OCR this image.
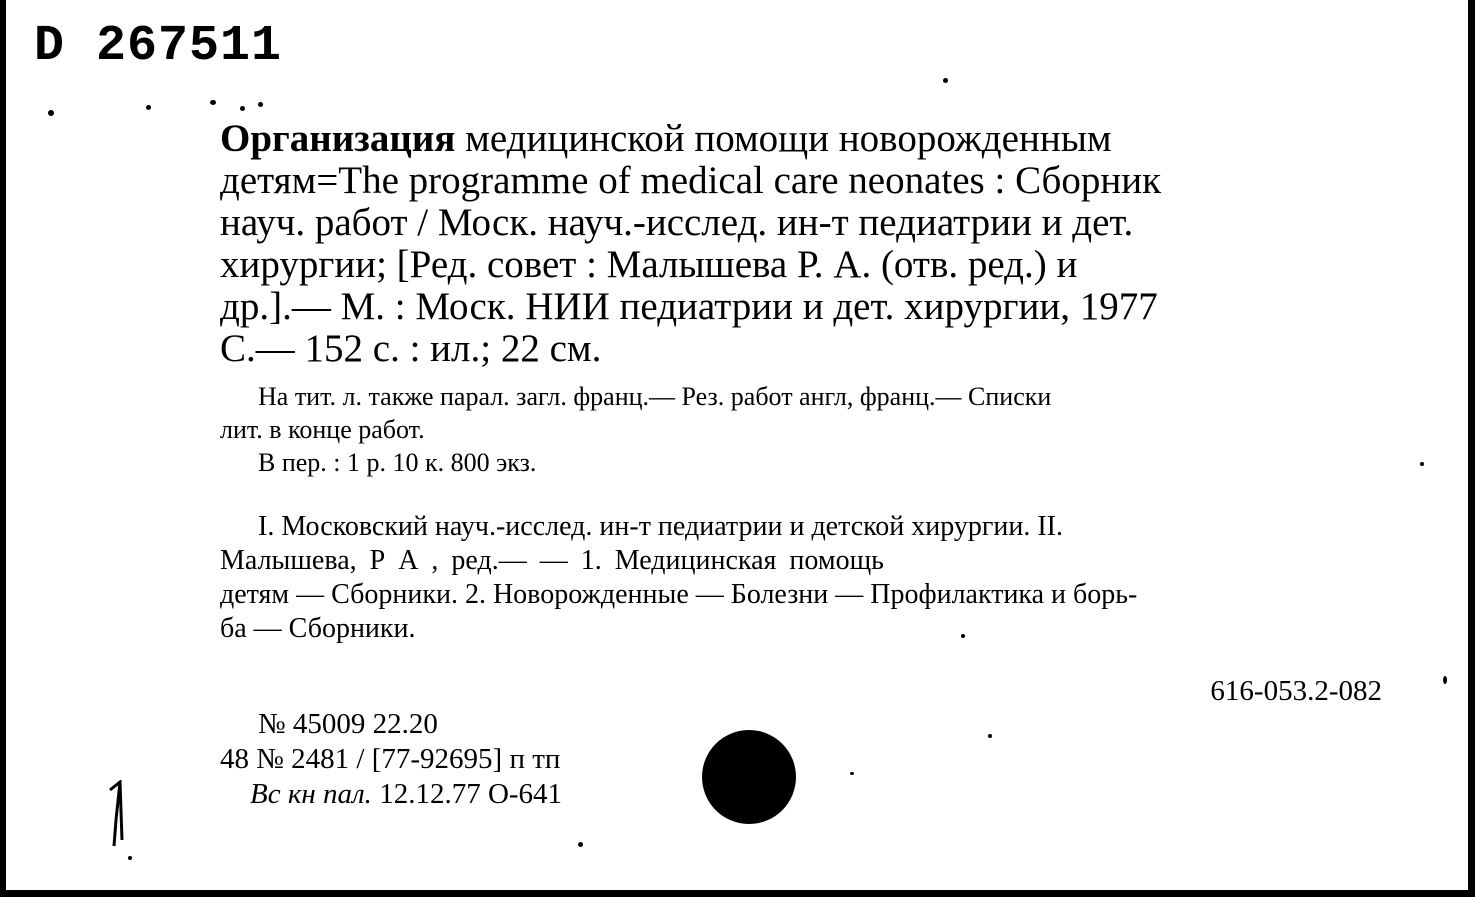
D 267511
Организация медицинской помощи новорожденным
детям=The programme of medical care neonates : Сборник
науч. работ / Моск. науч.-исслед. ин-т педиатрии и дет.
хирургии; [Ред. совет : Малышева Р. А. (отв. ред.) и
др.].— М. : Моск. НИИ педиатрии и дет. хирургии, 1977
С.— 152 с. : ил.; 22 см.
На тит. л. также парал. загл. франц.— Рез. работ англ, франц.— Списки
лит. в конце работ.
В пер. : 1 р. 10 к. 800 экз.
I. Московский науч.-исслед. ин-т педиатрии и детской хирургии. II.
Малышева, Р А , ред.— — 1. Медицинская помощь
детям — Сборники. 2. Новорожденные — Болезни — Профилактика и борь-
ба — Сборники.
616-053.2-082
№ 45009 22.20
48 № 2481 / [77-92695] п тп
Вс кн пал. 12.12.77 О-641
